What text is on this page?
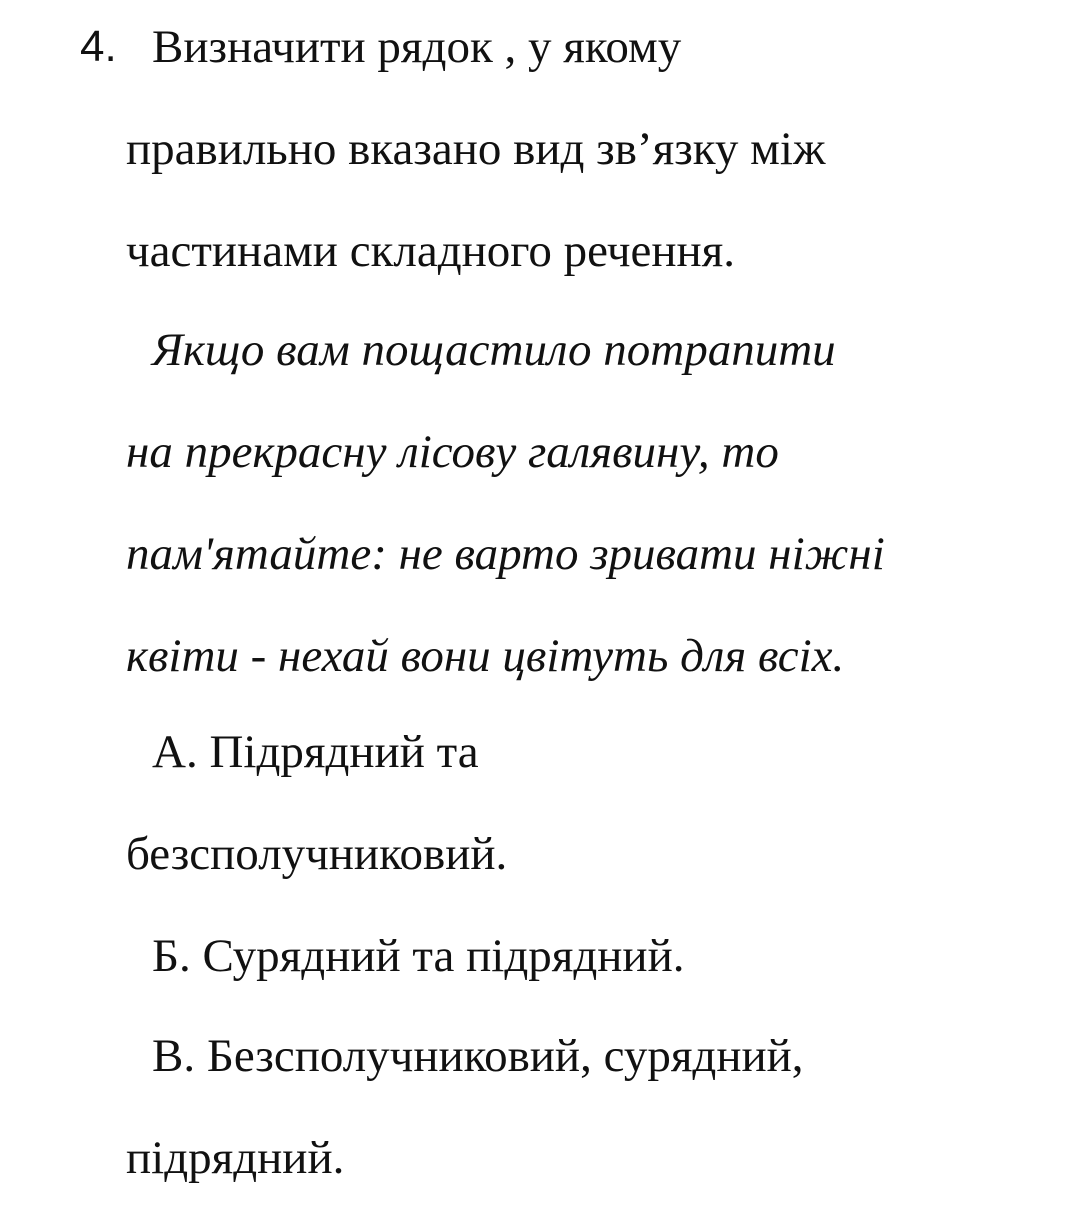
4. Визначити рядок , у якому
правильно вказано вид зв’язку між
частинами складного речення.
Якщо вам пощастило потрапити
на прекрасну лісову галявину, то
пам'ятайте: не варто зривати ніжні
квіти - нехай вони цвітуть для всіх.
А. Підрядний та
безсполучниковий.
Б. Сурядний та підрядний.
В. Безсполучниковий, сурядний,
підрядний.
